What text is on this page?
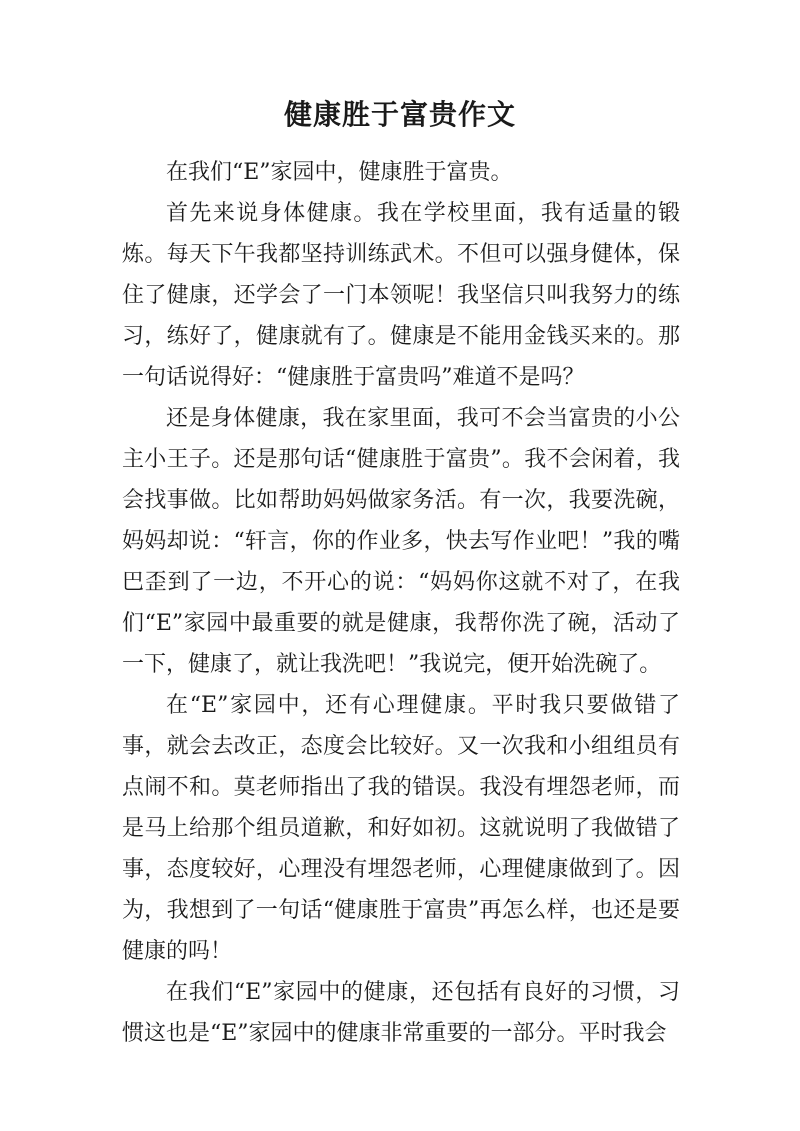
健康胜于富贵作文

在我们“E”家园中，健康胜于富贵。

首先来说身体健康。我在学校里面，我有适量的锻炼。每天下午我都坚持训练武术。不但可以强身健体，保住了健康，还学会了一门本领呢！我坚信只叫我努力的练习，练好了，健康就有了。健康是不能用金钱买来的。那一句话说得好：“健康胜于富贵吗”难道不是吗？

还是身体健康，我在家里面，我可不会当富贵的小公主小王子。还是那句话“健康胜于富贵”。我不会闲着，我会找事做。比如帮助妈妈做家务活。有一次，我要洗碗，妈妈却说：“轩言，你的作业多，快去写作业吧！”我的嘴巴歪到了一边，不开心的说：“妈妈你这就不对了，在我们“E”家园中最重要的就是健康，我帮你洗了碗，活动了一下，健康了，就让我洗吧！”我说完，便开始洗碗了。

在“E”家园中，还有心理健康。平时我只要做错了事，就会去改正，态度会比较好。又一次我和小组组员有点闹不和。莫老师指出了我的错误。我没有埋怨老师，而是马上给那个组员道歉，和好如初。这就说明了我做错了事，态度较好，心理没有埋怨老师，心理健康做到了。因为，我想到了一句话“健康胜于富贵”再怎么样，也还是要健康的吗！

在我们“E”家园中的健康，还包括有良好的习惯，习惯这也是“E”家园中的健康非常重要的一部分。平时我会
